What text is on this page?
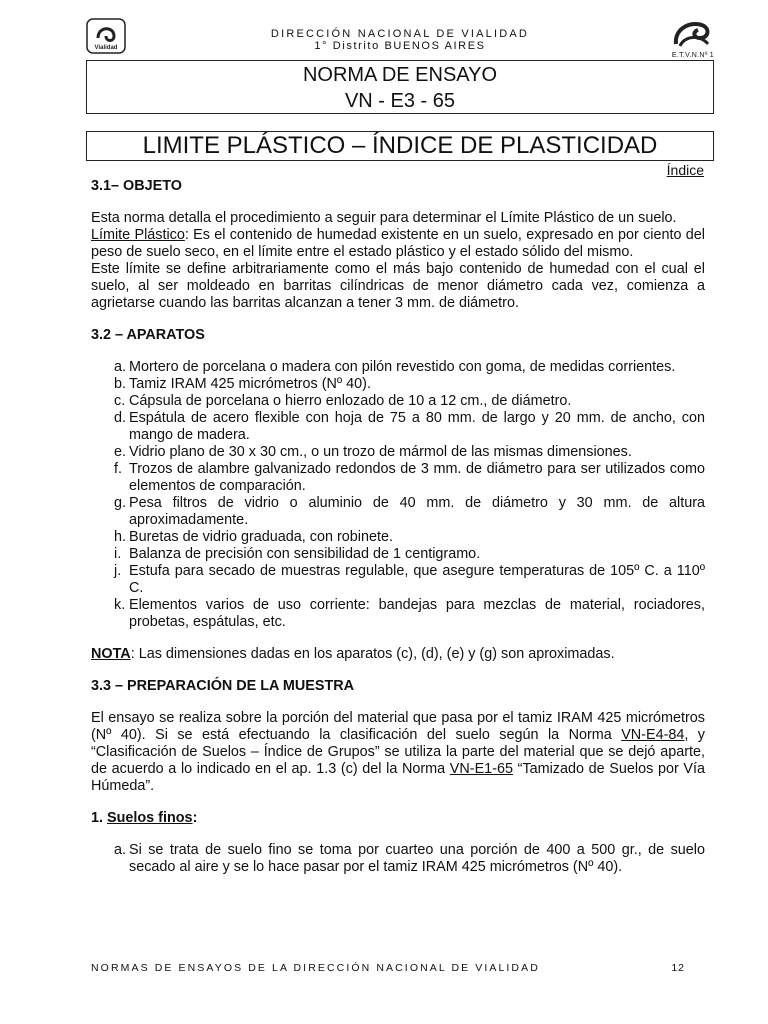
Vialidad
DIRECCIÓN NACIONAL DE VIALIDAD
1° Distrito BUENOS AIRES
E.T.V.N.Nº 1
NORMA DE ENSAYO
VN - E3 - 65
LIMITE PLÁSTICO – ÍNDICE DE PLASTICIDAD
Índice

3.1– OBJETO

Esta norma detalla el procedimiento a seguir para determinar el Límite Plástico de un suelo.

Límite Plástico: Es el contenido de humedad existente en un suelo, expresado en por ciento del peso de suelo seco, en el límite entre el estado plástico y el estado sólido del mismo.

Este límite se define arbitrariamente como el más bajo contenido de humedad con el cual el suelo, al ser moldeado en barritas cilíndricas de menor diámetro cada vez, comienza a agrietarse cuando las barritas alcanzan a tener 3 mm. de diámetro.

3.2 – APARATOS

a. Mortero de porcelana o madera con pilón revestido con goma, de medidas corrientes.
b. Tamiz IRAM 425 micrómetros (Nº 40).
c. Cápsula de porcelana o hierro enlozado de 10 a 12 cm., de diámetro.
d. Espátula de acero flexible con hoja de 75 a 80 mm. de largo y 20 mm. de ancho, con mango de madera.
e. Vidrio plano de 30 x 30 cm., o un trozo de mármol de las mismas dimensiones.
f. Trozos de alambre galvanizado redondos de 3 mm. de diámetro para ser utilizados como elementos de comparación.
g. Pesa filtros de vidrio o aluminio de 40 mm. de diámetro y 30 mm. de altura aproximadamente.
h. Buretas de vidrio graduada, con robinete.
i. Balanza de precisión con sensibilidad de 1 centigramo.
j. Estufa para secado de muestras regulable, que asegure temperaturas de 105º C. a 110º C.
k. Elementos varios de uso corriente: bandejas para mezclas de material, rociadores, probetas, espátulas, etc.

NOTA: Las dimensiones dadas en los aparatos (c), (d), (e) y (g) son aproximadas.

3.3 – PREPARACIÓN DE LA MUESTRA

El ensayo se realiza sobre la porción del material que pasa por el tamiz IRAM 425 micrómetros (Nº 40). Si se está efectuando la clasificación del suelo según la Norma VN-E4-84, y “Clasificación de Suelos – Índice de Grupos” se utiliza la parte del material que se dejó aparte, de acuerdo a lo indicado en el ap. 1.3 (c) del la Norma VN-E1-65 “Tamizado de Suelos por Vía Húmeda”.

1. Suelos finos:

a. Si se trata de suelo fino se toma por cuarteo una porción de 400 a 500 gr., de suelo secado al aire y se lo hace pasar por el tamiz IRAM 425 micrómetros (Nº 40).
NORMAS DE ENSAYOS DE LA DIRECCIÓN NACIONAL DE VIALIDAD	12
